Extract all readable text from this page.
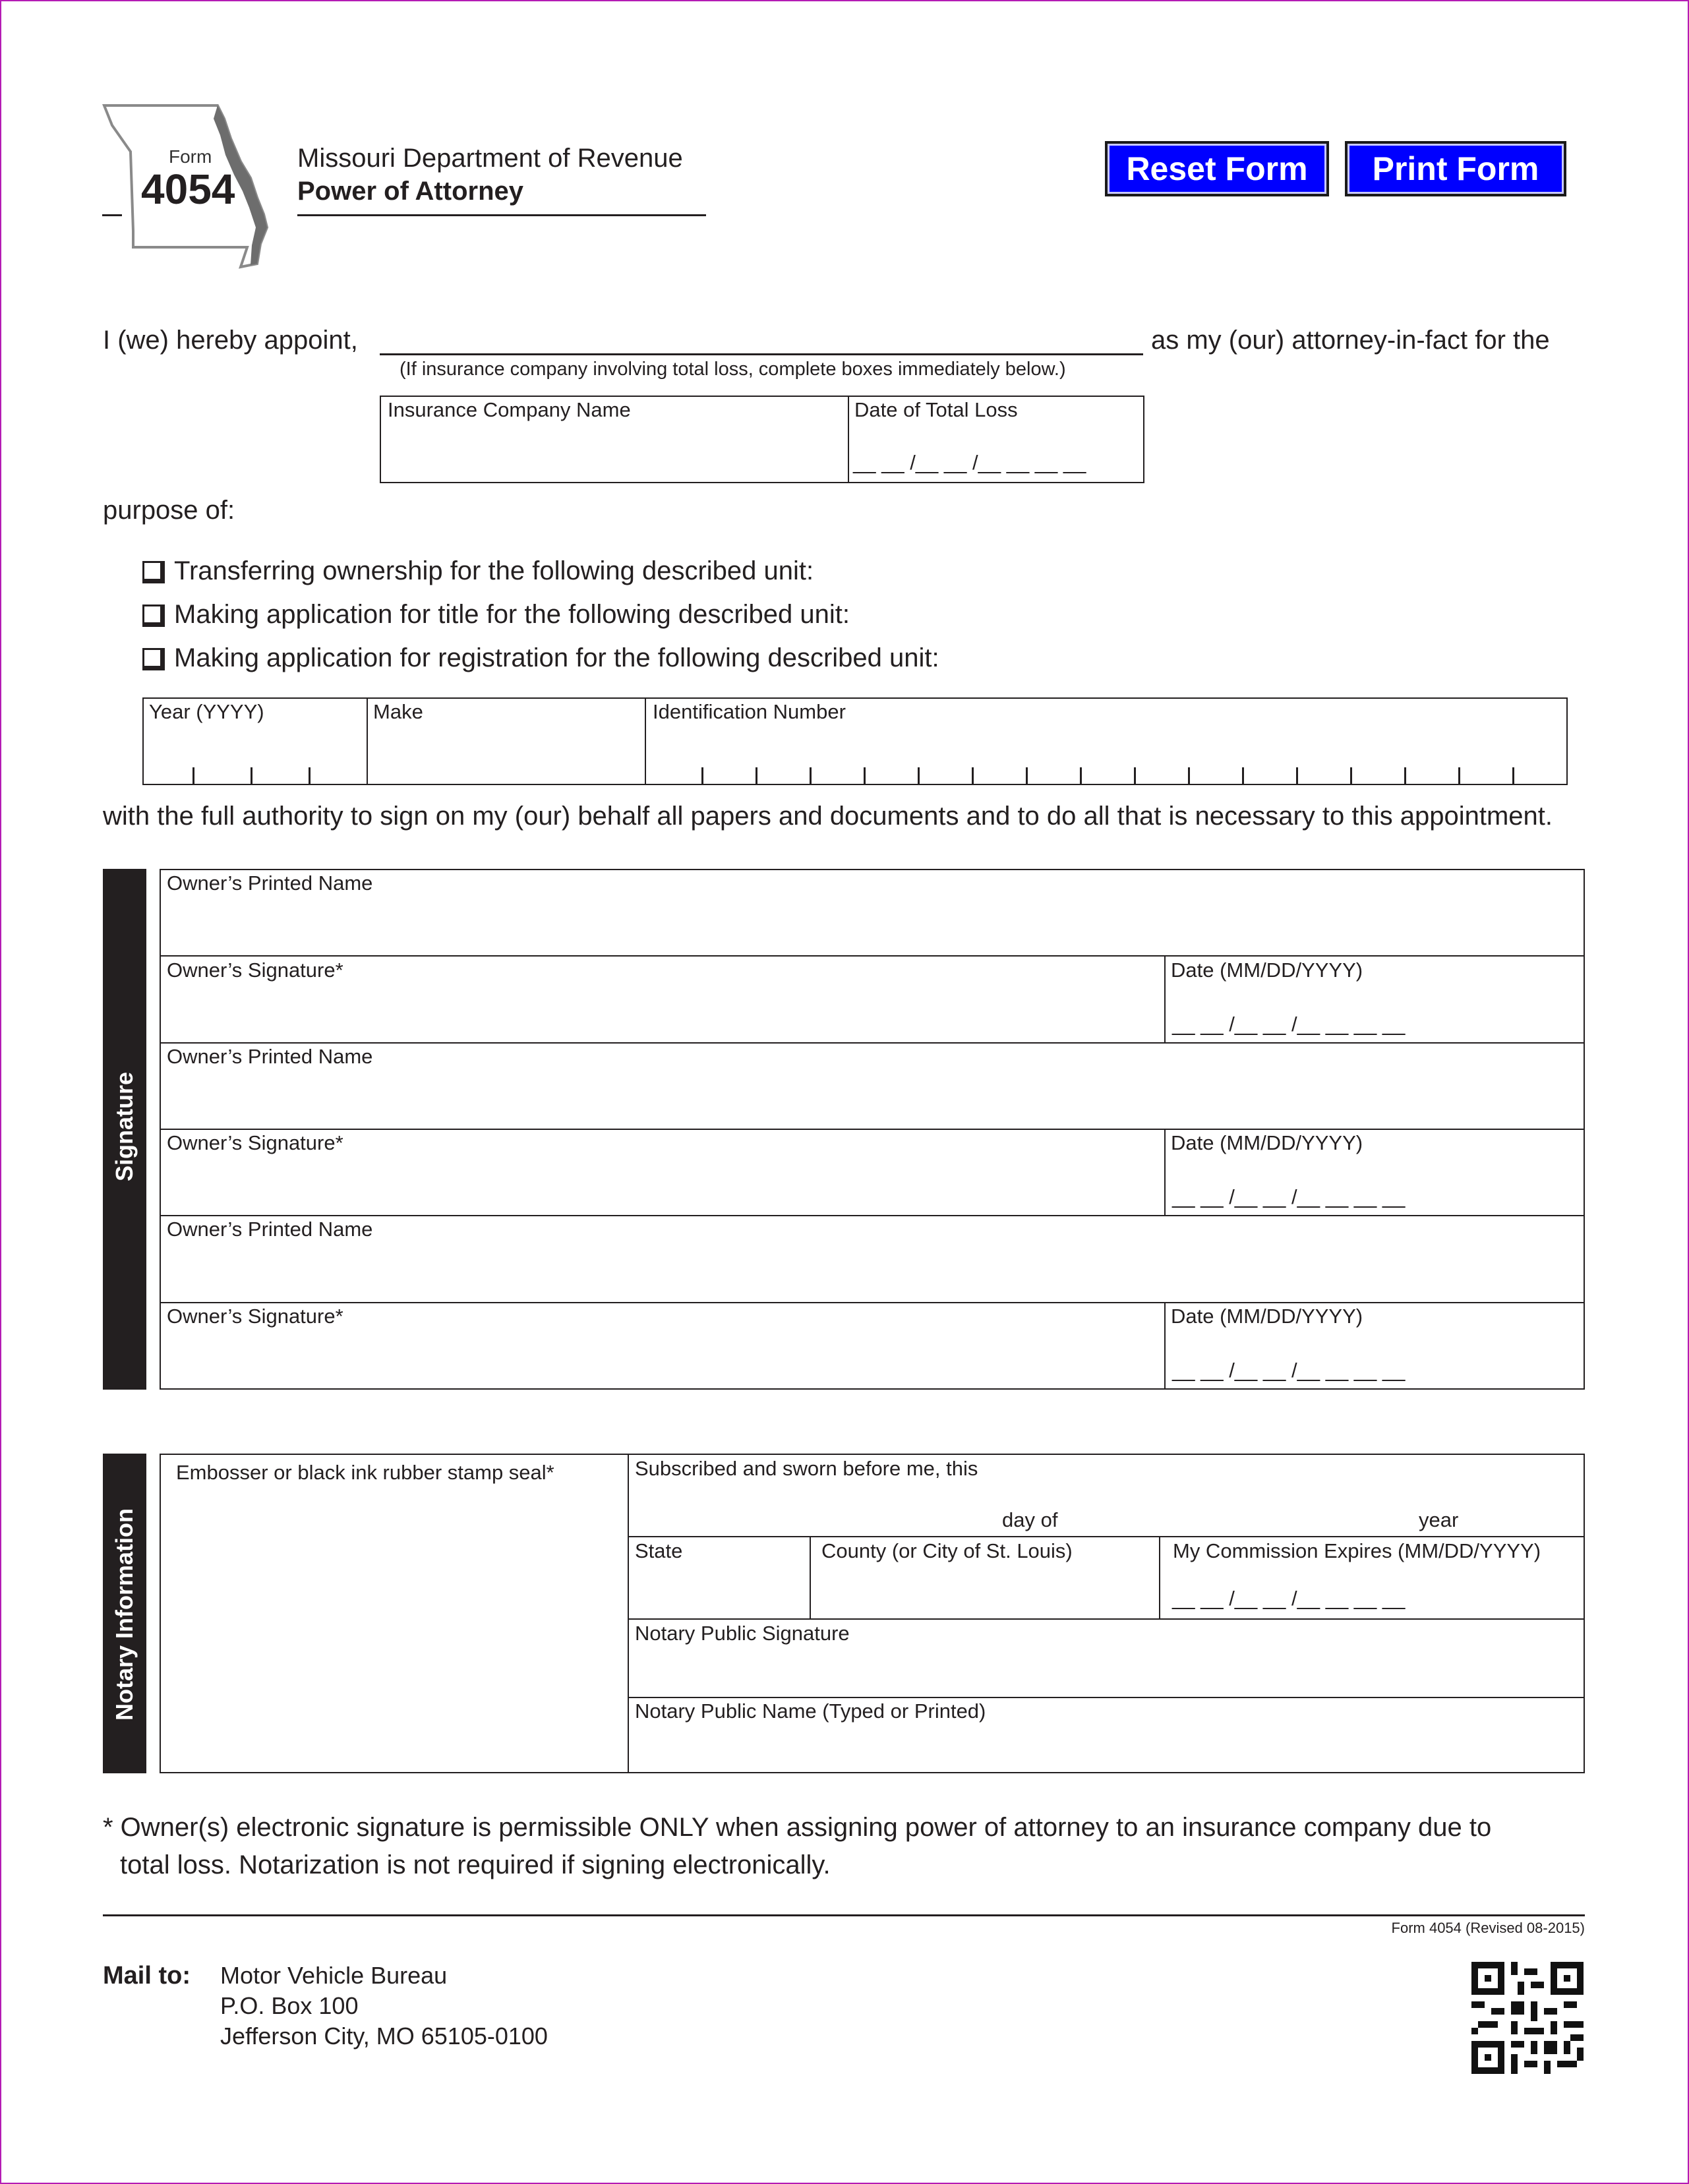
Form
4054
Missouri Department of Revenue
Power of Attorney
Reset Form	Print Form
I (we) hereby appoint,	as my (our) attorney-in-fact for the
(If insurance company involving total loss, complete boxes immediately below.)
Insurance Company Name	Date of Total Loss
__ __ /__ __ /__ __ __ __
purpose of:
Transferring ownership for the following described unit:
Making application for title for the following described unit:
Making application for registration for the following described unit:
Year (YYYY)	Make	Identification Number
with the full authority to sign on my (our) behalf all papers and documents and to do all that is necessary to this appointment.
Signature
Owner’s Printed Name
Owner’s Signature*	Date (MM/DD/YYYY)
__ __ /__ __ /__ __ __ __
Owner’s Printed Name
Owner’s Signature*	Date (MM/DD/YYYY)
__ __ /__ __ /__ __ __ __
Owner’s Printed Name
Owner’s Signature*	Date (MM/DD/YYYY)
__ __ /__ __ /__ __ __ __
Notary Information
Embosser or black ink rubber stamp seal*	Subscribed and sworn before me, this
day of	year
State	County (or City of St. Louis)	My Commission Expires (MM/DD/YYYY)
__ __ /__ __ /__ __ __ __
Notary Public Signature
Notary Public Name (Typed or Printed)
* Owner(s) electronic signature is permissible ONLY when assigning power of attorney to an insurance company due to
total loss. Notarization is not required if signing electronically.
Form 4054 (Revised 08-2015)
Mail to: Motor Vehicle Bureau
P.O. Box 100
Jefferson City, MO 65105-0100
